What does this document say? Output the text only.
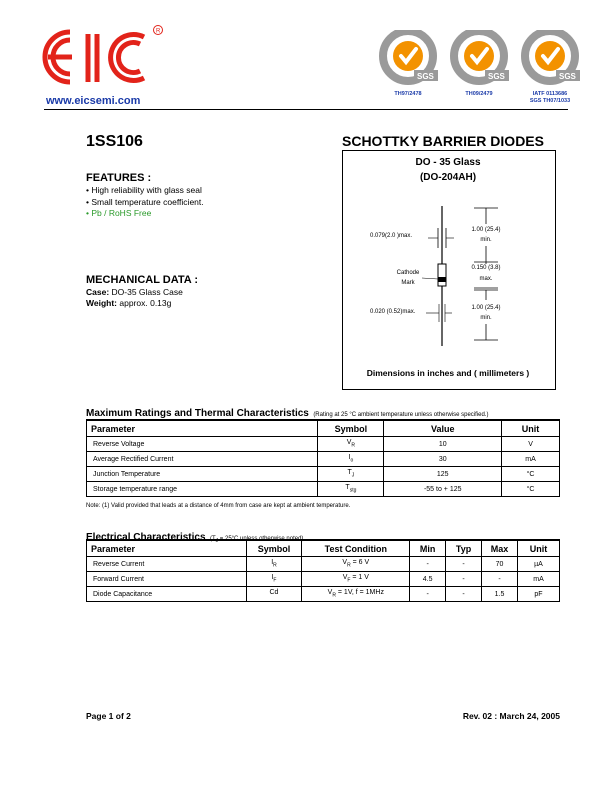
R
www.eicsemi.com
SGS
TH97/2478
SGS
TH09/2479
SGS
IATF 0113686
SGS TH07/1033
1SS106	SCHOTTKY BARRIER DIODES
FEATURES :
• High reliability with glass seal
• Small temperature coefficient.
• Pb / RoHS Free
MECHANICAL DATA :
Case: DO-35 Glass Case
Weight: approx. 0.13g
DO - 35 Glass
(DO-204AH)
0.079(2.0 )max.
1.00 (25.4)
min.
Cathode
Mark
0.150 (3.8)
max.
0.020 (0.52)max.
1.00 (25.4)
min.
Dimensions in inches and ( millimeters )
Maximum Ratings and Thermal Characteristics (Rating at 25 °C ambient temperature unless otherwise specified.)
Parameter	Symbol	Value	Unit
Reverse Voltage	$V_R$	10	V
Average Rectified Current	$I_o$	30	mA
Junction Temperature	$T_J$	125	°C
Storage temperature range	$T_{stg}$	-55 to + 125	°C
Note: (1) Valid provided that leads at a distance of 4mm from case are kept at ambient temperature.
Electrical Characteristics ($T_J = 25^\circ C$ unless otherwise noted)
Parameter	Symbol	Test Condition	Min	Typ	Max	Unit
Reverse Current	$I_R$	$V_R = 6$ V	-	-	70	µA
Forward Current	$I_F$	$V_F = 1$ V	4.5	-	-	mA
Diode Capacitance	Cd	$V_R = 1V$, f = 1MHz	-	-	1.5	pF
Page 1 of 2	Rev. 02 : March 24, 2005
